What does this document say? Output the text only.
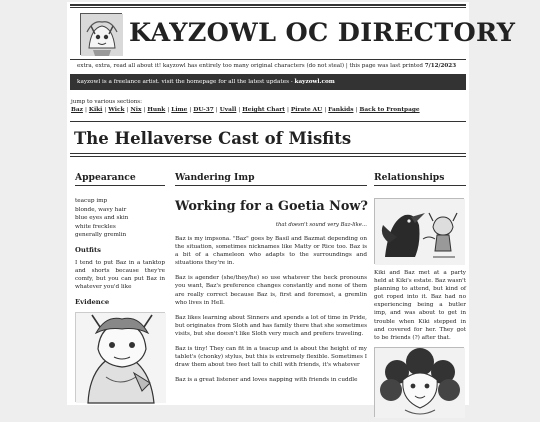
KAYZOWL OC DIRECTORY
extra, extra, read all about it! kayzowl has entirely too many original characters (do not steal) | this page was last printed 7/12/2023
kayzowl is a freelance artist. visit the homepage for all the latest updates - kayzowl.com
jump to various sections:
Baz | Kiki | Wick | Nix | Hunk | Lime | DU-37 | Uvall | Height Chart | Pirate AU | Fankids | Back to Frontpage
The Hellaverse Cast of Misfits
Appearance
teacup imp
blonde, wavy hair
blue eyes and skin
white freckles
generally gremlin
Outfits
I tend to put Baz in a tanktop and shorts because they're comfy, but you can put Baz in whatever you'd like
Evidence
Wandering Imp
Working for a Goetia Now?
that doesn't sound very Baz-like...
Baz is my impsona. "Baz" goes by Basil and Bazmat depending on the situation, sometimes nicknames like Matty or Rice too. Baz is a bit of a chameleon who adapts to the surroundings and situations they're in.
Baz is agender (she/they/he) so use whatever the heck pronouns you want, Baz's preference changes constantly and none of them are really correct because Baz is, first and foremost, a gremlin who lives in Hell.
Baz likes learning about Sinners and spends a lot of time in Pride, but originates from Sloth and has family there that she sometimes visits, but she doesn't like Sloth very much and prefers traveling.
Baz is tiny! They can fit in a teacup and is about the height of my tablet's (chonky) stylus, but this is extremely flexible. Sometimes I draw them about two feet tall to chill with friends, it's whatever
Baz is a great listener and loves napping with friends in cuddle
Relationships
Kiki and Baz met at a party held at Kiki's estate. Baz wasn't planning to attend, but kind of got roped into it. Baz had no experiencing being a butler imp, and was about to get in trouble when Kiki stepped in and covered for her. They got to be friends (?) after that.
